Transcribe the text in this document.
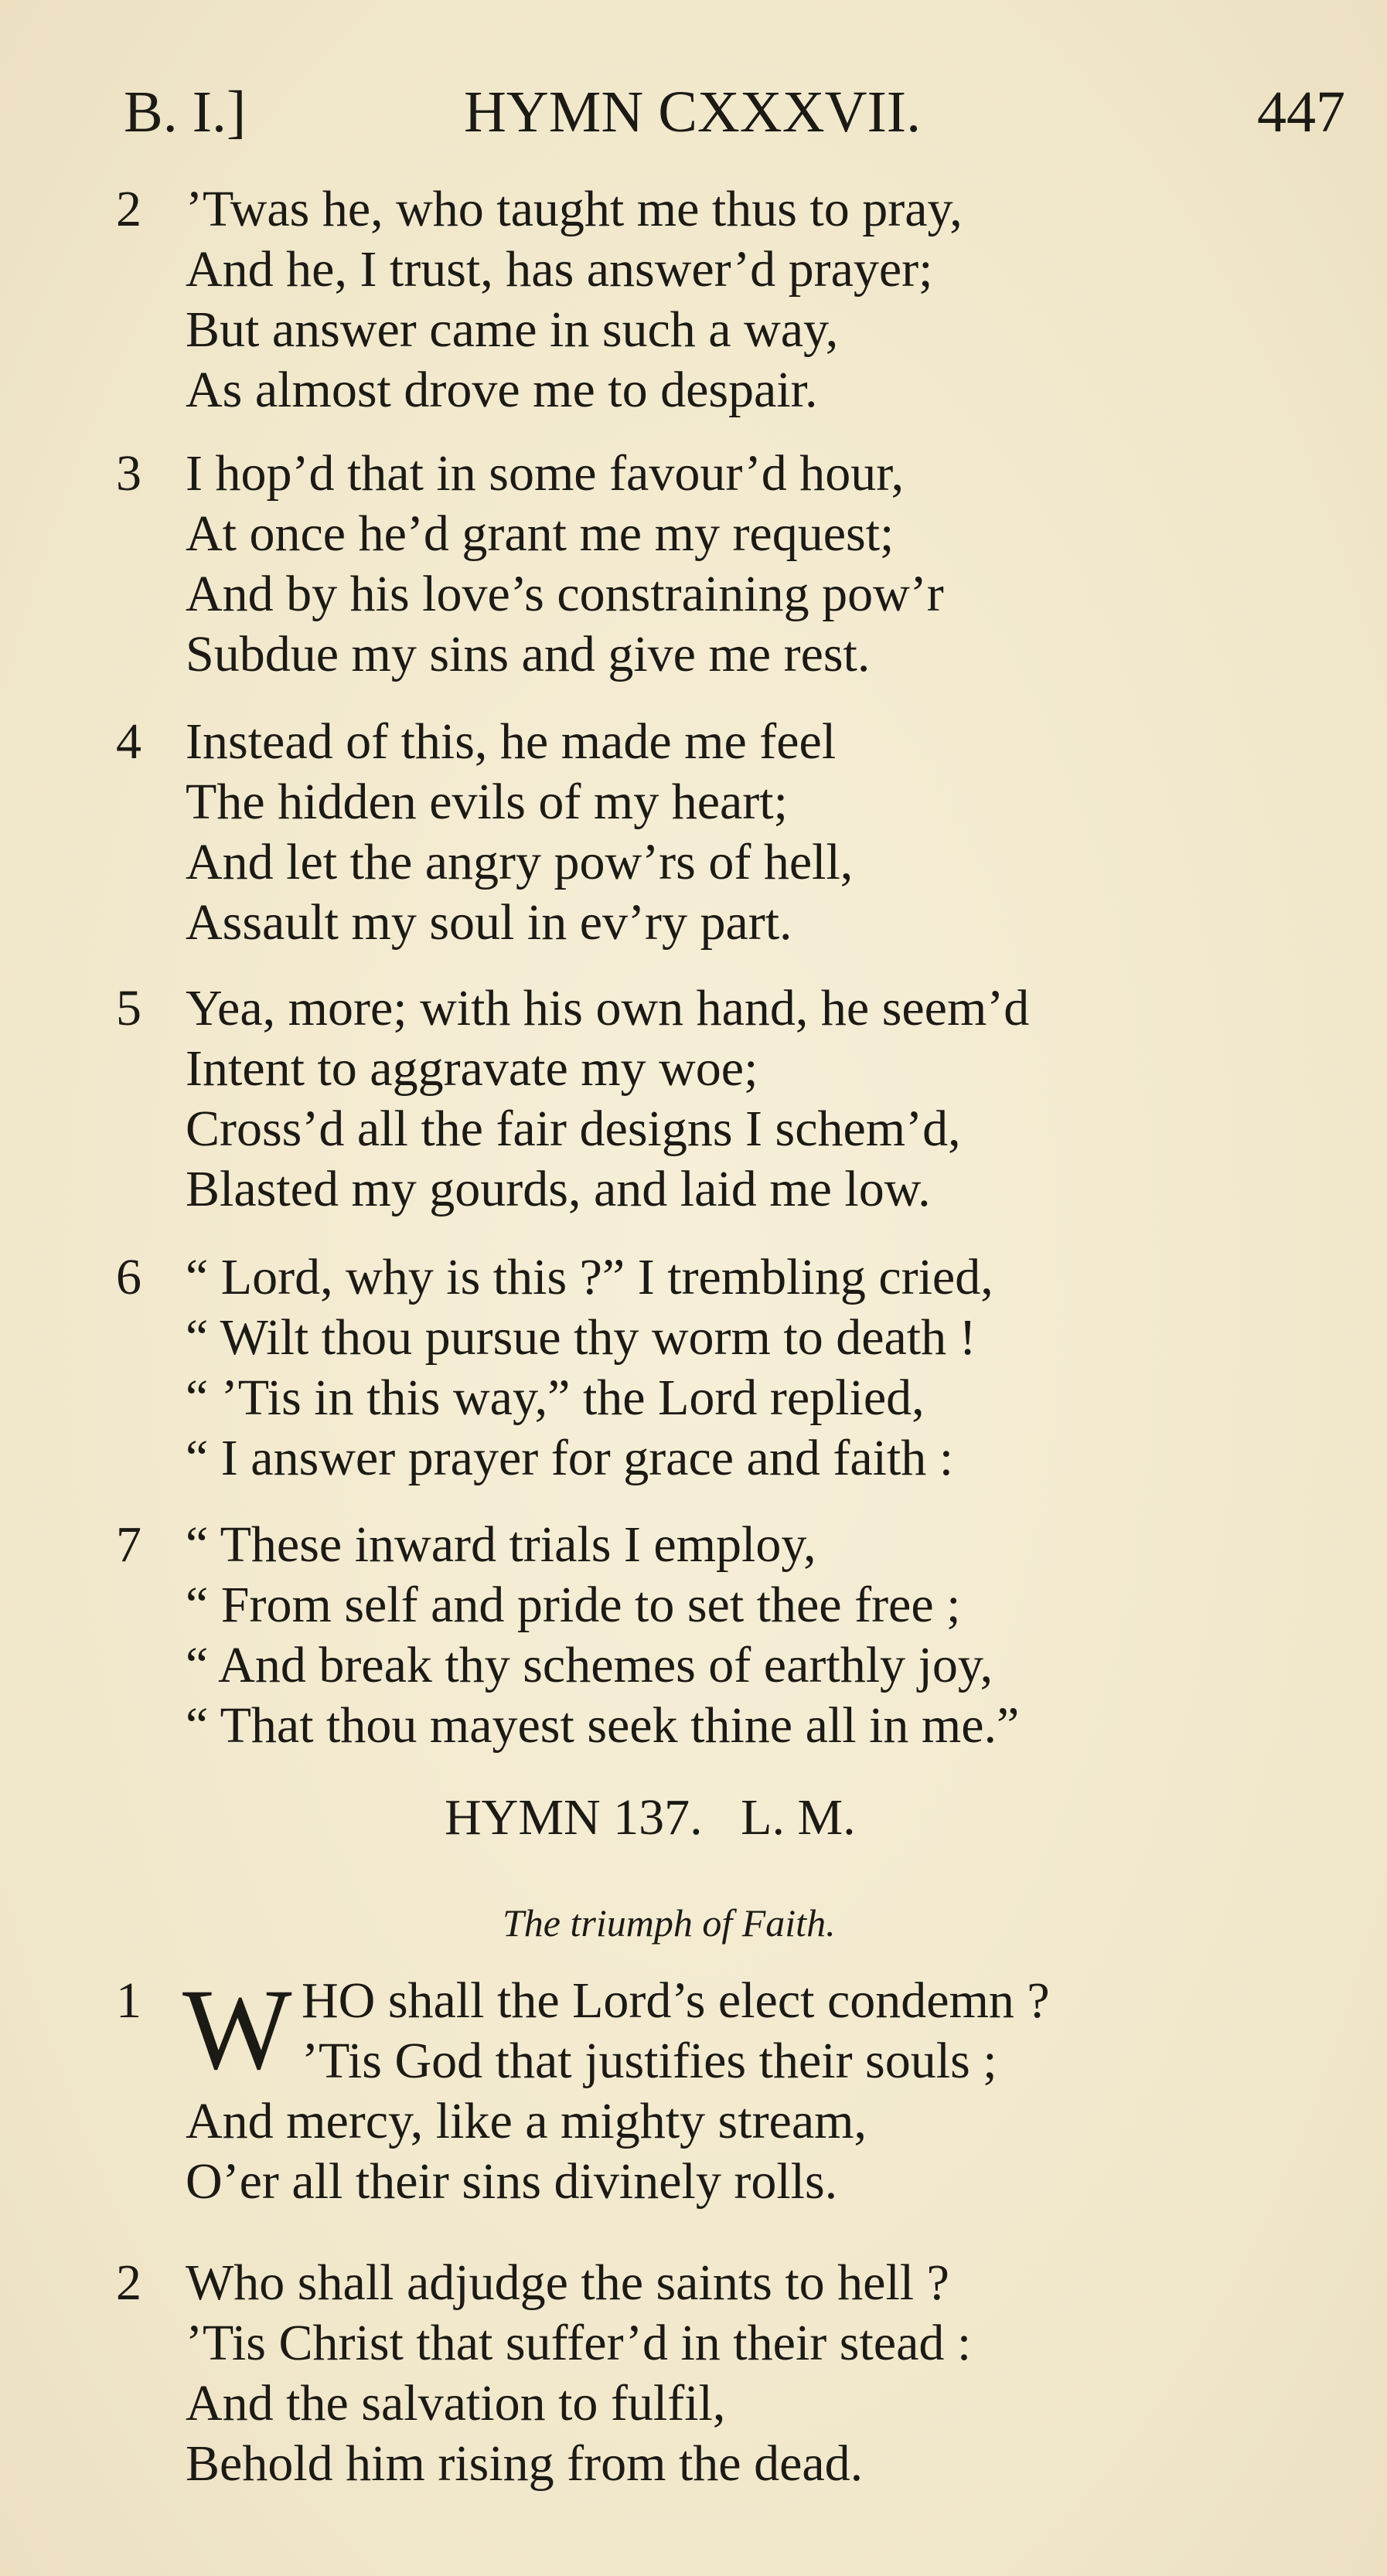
B. I.]	HYMN CXXXVII.	447
2 ’Twas he, who taught me thus to pray,
And he, I trust, has answer’d prayer;
But answer came in such a way,
As almost drove me to despair.
3 I hop’d that in some favour’d hour,
At once he’d grant me my request;
And by his love’s constraining pow’r
Subdue my sins and give me rest.
4 Instead of this, he made me feel
The hidden evils of my heart;
And let the angry pow’rs of hell,
Assault my soul in ev’ry part.
5 Yea, more; with his own hand, he seem’d
Intent to aggravate my woe;
Cross’d all the fair designs I schem’d,
Blasted my gourds, and laid me low.
6 “ Lord, why is this ?” I trembling cried,
“ Wilt thou pursue thy worm to death !
“ ’Tis in this way,” the Lord replied,
“ I answer prayer for grace and faith :
7 “ These inward trials I employ,
“ From self and pride to set thee free ;
“ And break thy schemes of earthly joy,
“ That thou mayest seek thine all in me.”
HYMN 137.   L. M.
The triumph of Faith.
1 W HO shall the Lord’s elect condemn ?
’Tis God that justifies their souls ;
And mercy, like a mighty stream,
O’er all their sins divinely rolls.
2 Who shall adjudge the saints to hell ?
’Tis Christ that suffer’d in their stead :
And the salvation to fulfil,
Behold him rising from the dead.
